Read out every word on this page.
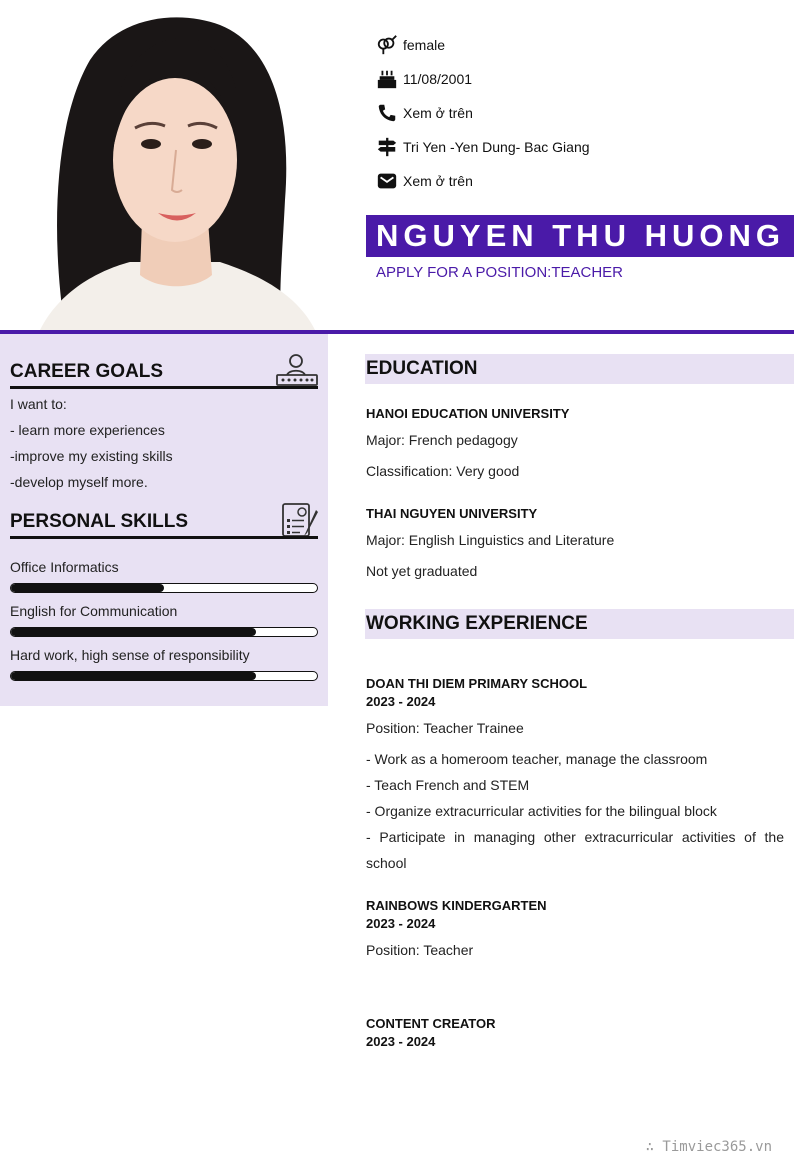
female
11/08/2001
Xem ở trên
Tri Yen -Yen Dung- Bac Giang
Xem ở trên
NGUYEN THU HUONG
APPLY FOR A POSITION:TEACHER
CAREER GOALS
I want to:
- learn more experiences
-improve my existing skills
-develop myself more.
PERSONAL SKILLS
Office Informatics
English for Communication
Hard work, high sense of responsibility
EDUCATION
HANOI EDUCATION UNIVERSITY
Major: French pedagogy
Classification: Very good
THAI NGUYEN UNIVERSITY
Major: English Linguistics and Literature
Not yet graduated
WORKING EXPERIENCE
DOAN THI DIEM PRIMARY SCHOOL
2023 - 2024
Position: Teacher Trainee
- Work as a homeroom teacher, manage the classroom
- Teach French and STEM
- Organize extracurricular activities for the bilingual block
- Participate in managing other extracurricular activities of the
school
RAINBOWS KINDERGARTEN
2023 - 2024
Position: Teacher
CONTENT CREATOR
2023 - 2024
∴ Timviec365.vn
